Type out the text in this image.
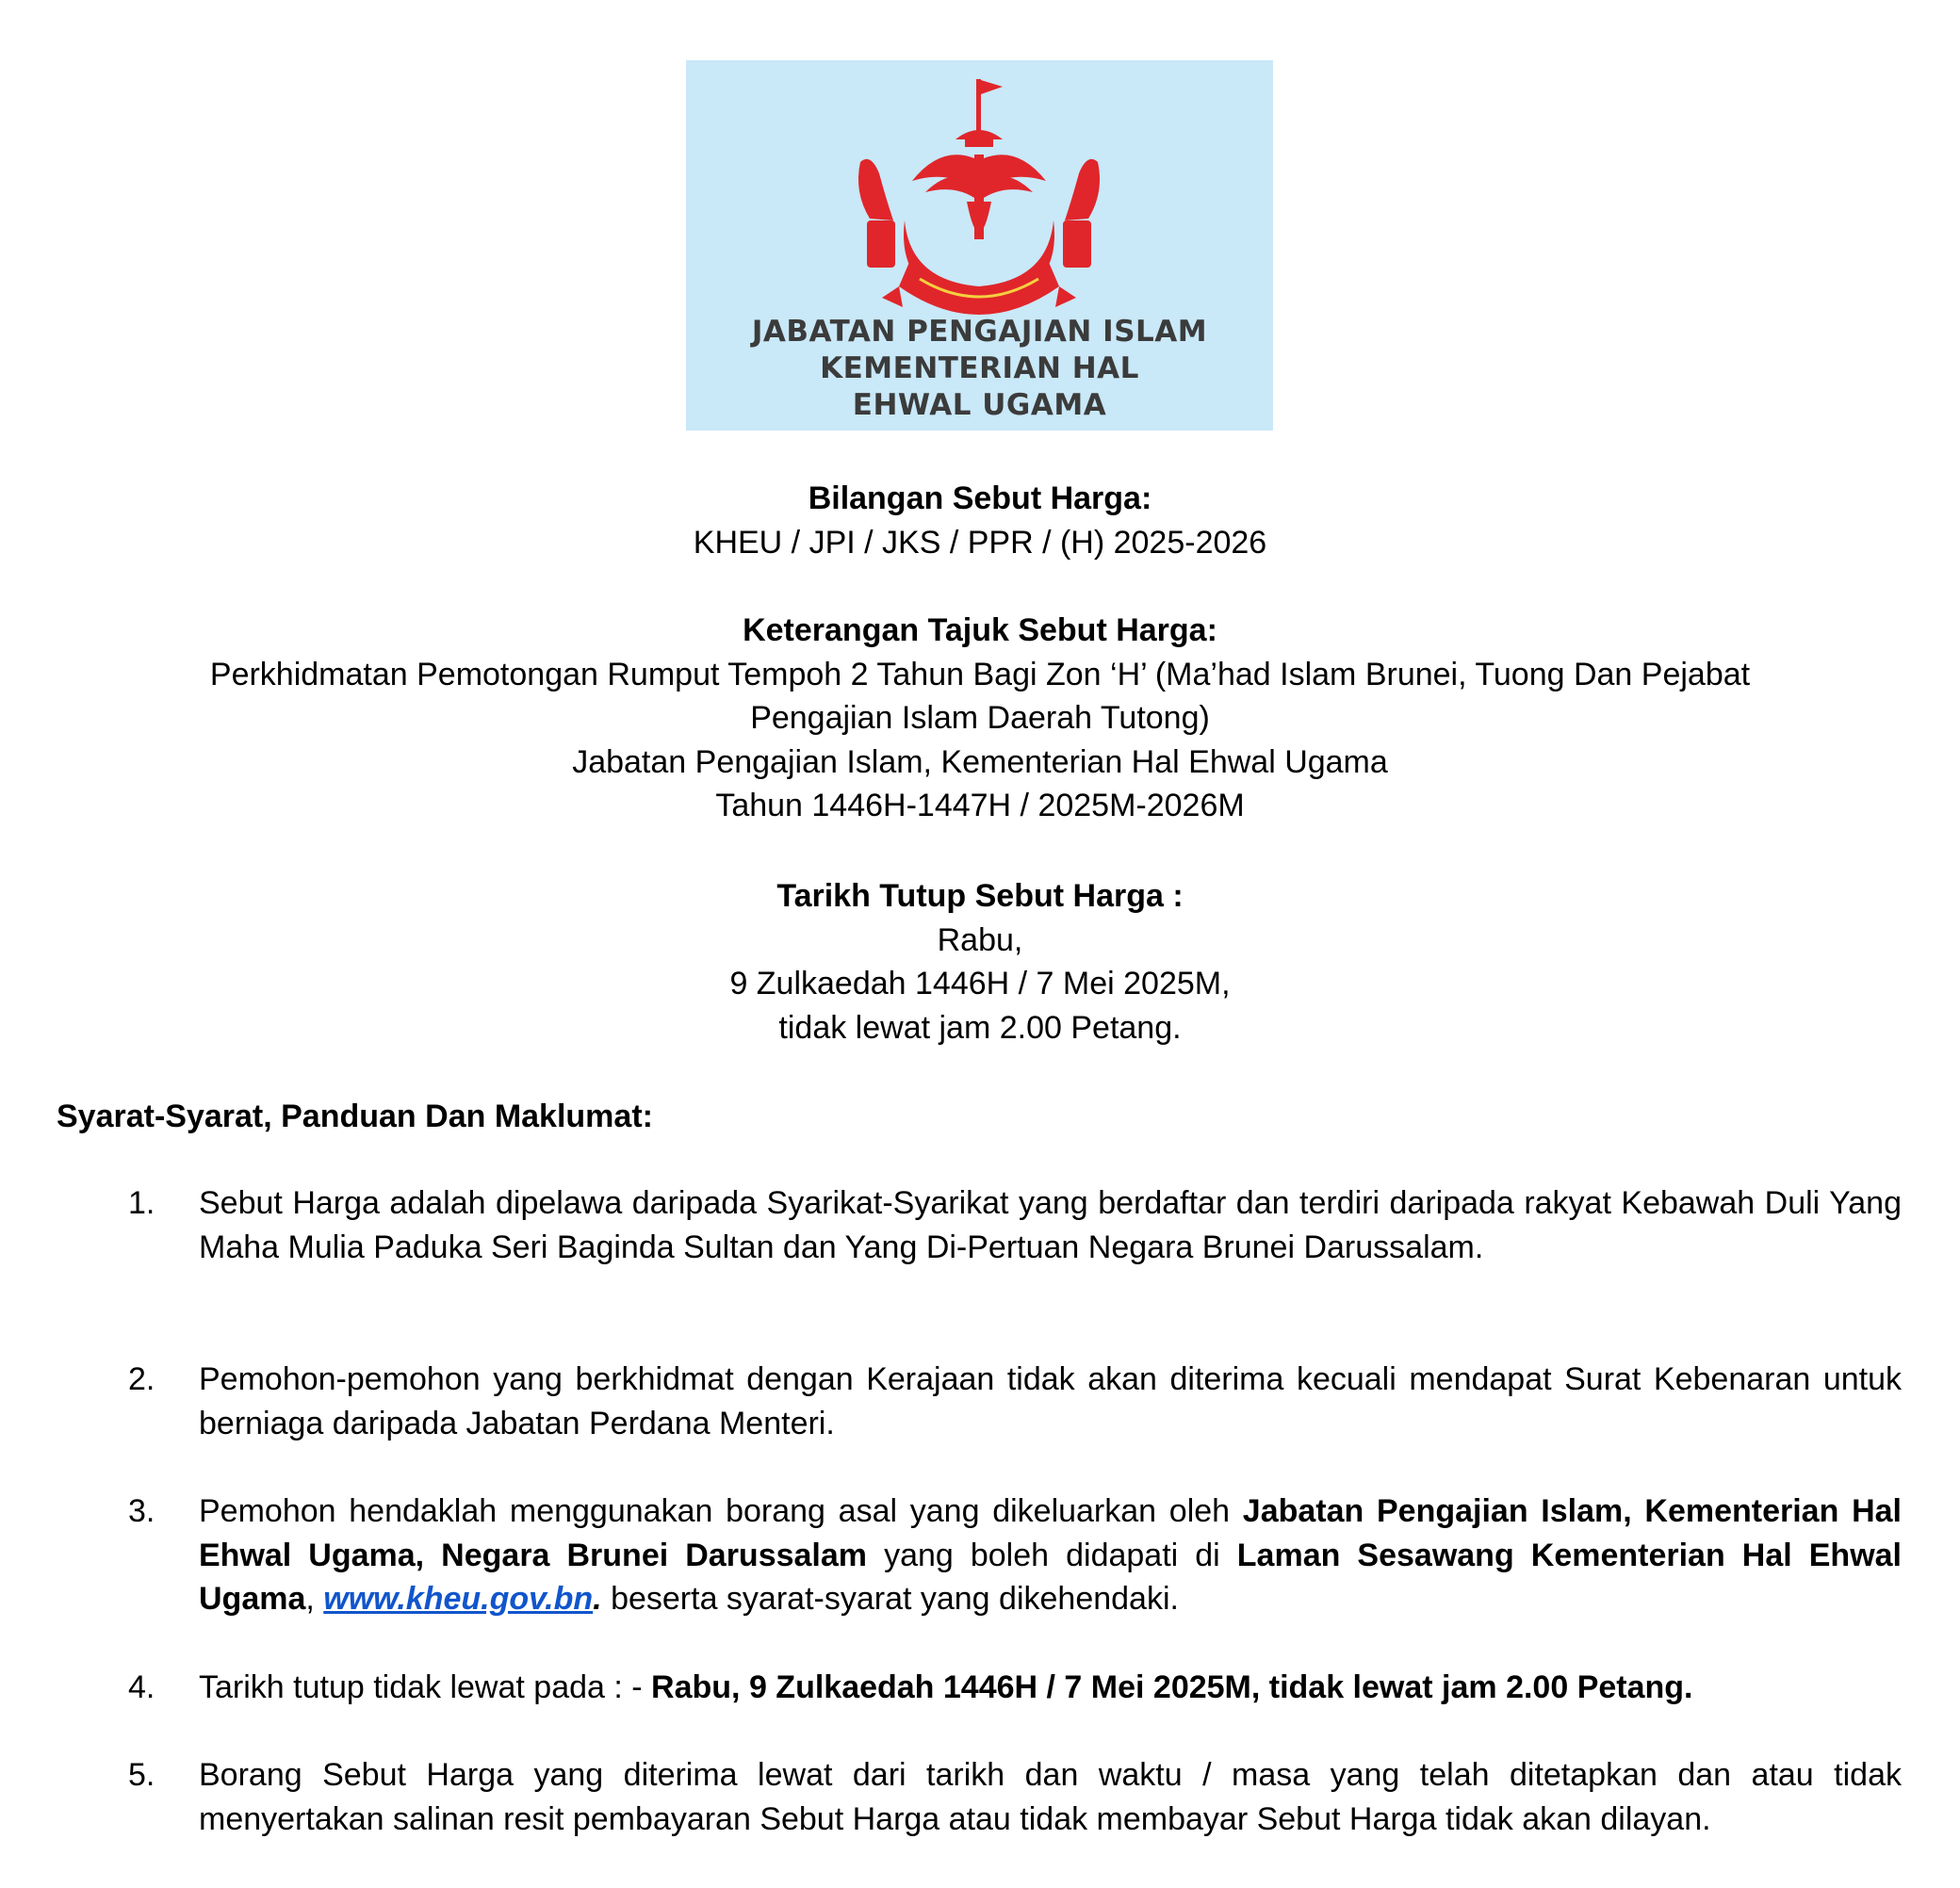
JABATAN PENGAJIAN ISLAM
KEMENTERIAN HAL
EHWAL UGAMA
Bilangan Sebut Harga:
KHEU / JPI / JKS / PPR / (H) 2025-2026
Keterangan Tajuk Sebut Harga:
Perkhidmatan Pemotongan Rumput Tempoh 2 Tahun Bagi Zon ‘H’ (Ma’had Islam Brunei, Tuong Dan Pejabat
Pengajian Islam Daerah Tutong)
Jabatan Pengajian Islam, Kementerian Hal Ehwal Ugama
Tahun 1446H-1447H / 2025M-2026M
Tarikh Tutup Sebut Harga :
Rabu,
9 Zulkaedah 1446H / 7 Mei 2025M,
tidak lewat jam 2.00 Petang.
Syarat-Syarat, Panduan Dan Maklumat:
1. Sebut Harga adalah dipelawa daripada Syarikat-Syarikat yang berdaftar dan terdiri daripada rakyat Kebawah Duli Yang Maha Mulia Paduka Seri Baginda Sultan dan Yang Di-Pertuan Negara Brunei Darussalam.
2. Pemohon-pemohon yang berkhidmat dengan Kerajaan tidak akan diterima kecuali mendapat Surat Kebenaran untuk berniaga daripada Jabatan Perdana Menteri.
3. Pemohon hendaklah menggunakan borang asal yang dikeluarkan oleh Jabatan Pengajian Islam, Kementerian Hal Ehwal Ugama, Negara Brunei Darussalam yang boleh didapati di Laman Sesawang Kementerian Hal Ehwal Ugama, www.kheu.gov.bn. beserta syarat-syarat yang dikehendaki.
4. Tarikh tutup tidak lewat pada : - Rabu, 9 Zulkaedah 1446H / 7 Mei 2025M, tidak lewat jam 2.00 Petang.
5. Borang Sebut Harga yang diterima lewat dari tarikh dan waktu / masa yang telah ditetapkan dan atau tidak menyertakan salinan resit pembayaran Sebut Harga atau tidak membayar Sebut Harga tidak akan dilayan.
